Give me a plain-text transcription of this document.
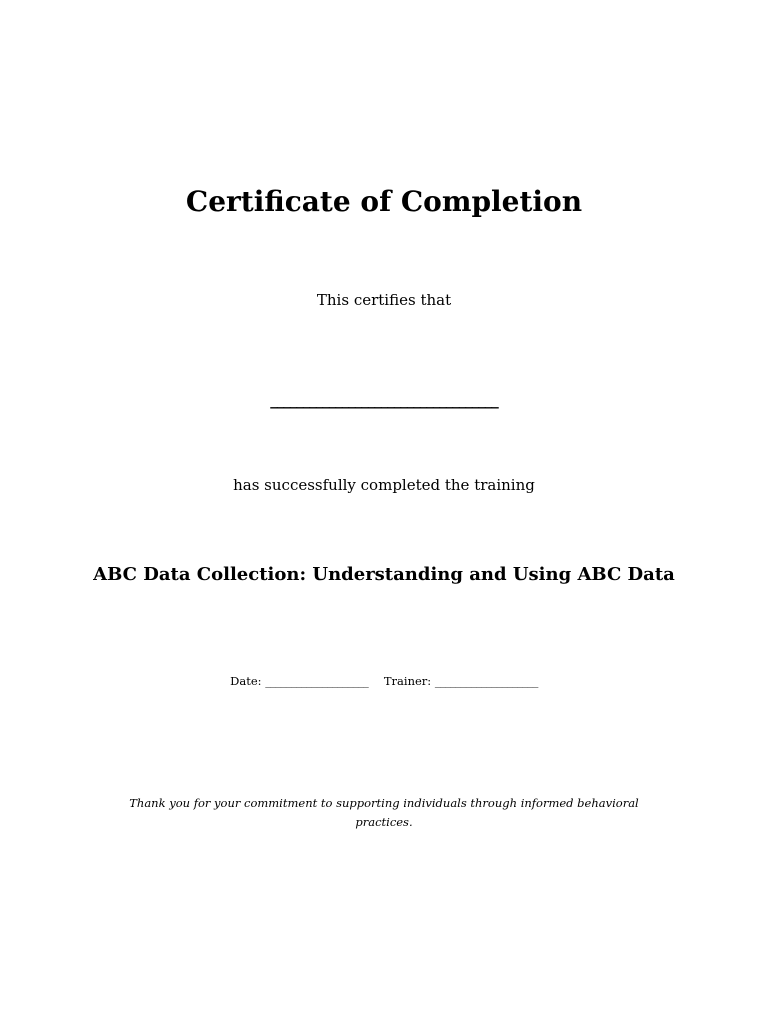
Certificate of Completion
This certifies that
___________________________________
has successfully completed the training
ABC Data Collection: Understanding and Using ABC Data
Date: ____________________ Trainer: ____________________
Thank you for your commitment to supporting individuals through informed behavioral practices.
